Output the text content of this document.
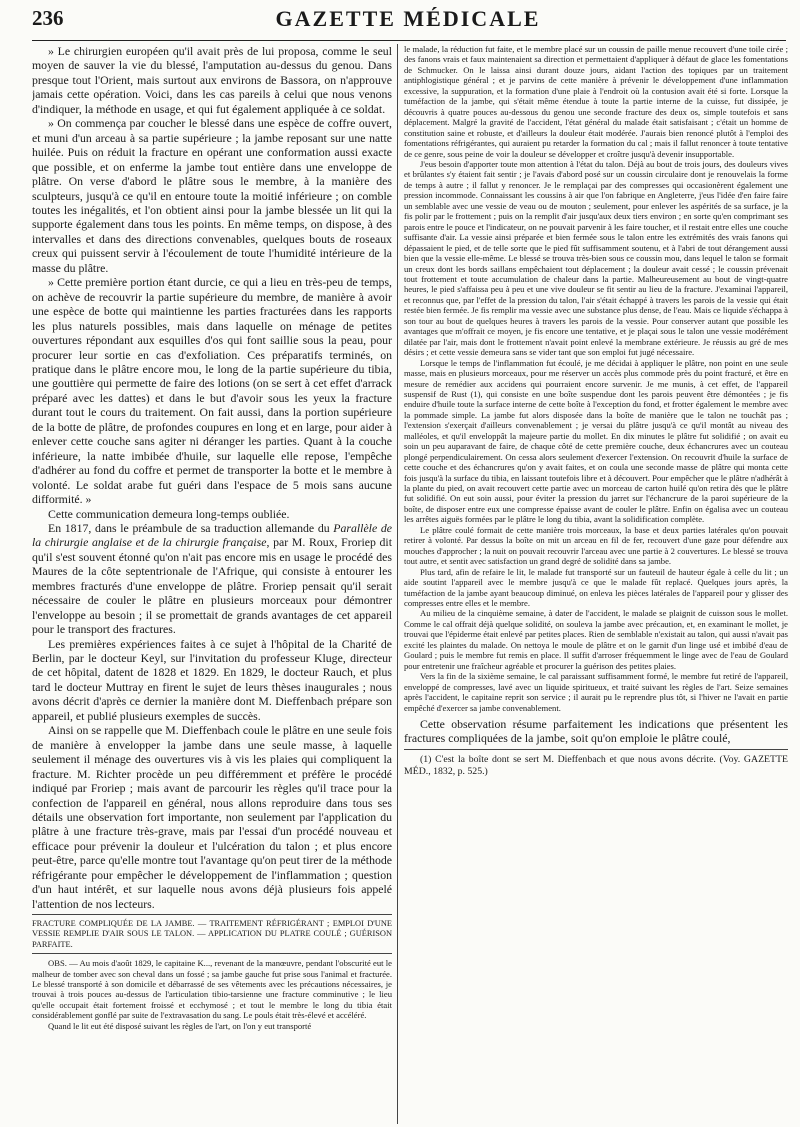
236	GAZETTE MÉDICALE

» Le chirurgien européen qu'il avait près de lui proposa, comme le seul moyen de sauver la vie du blessé, l'amputation au-dessus du genou. Dans presque tout l'Orient, mais surtout aux environs de Bassora, on n'approuve jamais cette opération. Voici, dans les cas pareils à celui que nous venons d'indiquer, la méthode en usage, et qui fut également appliquée à ce soldat.

» On commença par coucher le blessé dans une espèce de coffre ouvert, et muni d'un arceau à sa partie supérieure ; la jambe reposant sur une natte huilée. Puis on réduit la fracture en opérant une conformation aussi exacte que possible, et on enferme la jambe tout entière dans une enveloppe de plâtre. On verse d'abord le plâtre sous le membre, à la manière des sculpteurs, jusqu'à ce qu'il en entoure toute la moitié inférieure ; on comble toutes les inégalités, et l'on obtient ainsi pour la jambe blessée un lit qui la supporte également dans tous les points. En même temps, on dispose, à des intervalles et dans des directions convenables, quelques bouts de roseaux creux qui puissent servir à l'écoulement de toute l'humidité intérieure de la masse du plâtre.

» Cette première portion étant durcie, ce qui a lieu en très-peu de temps, on achève de recouvrir la partie supérieure du membre, de manière à avoir une espèce de botte qui maintienne les parties fracturées dans les rapports les plus naturels possibles, mais dans laquelle on ménage de petites ouvertures répondant aux esquilles d'os qui font saillie sous la peau, pour procurer leur sortie en cas d'exfoliation. Ces préparatifs terminés, on pratique dans le plâtre encore mou, le long de la partie supérieure du tibia, une gouttière qui permette de faire des lotions (on se sert à cet effet d'arrack préparé avec les dattes) et dans le but d'avoir sous les yeux la fracture durant tout le cours du traitement. On fait aussi, dans la portion supérieure de la botte de plâtre, de profondes coupures en long et en large, pour aider à enlever cette couche sans agiter ni déranger les parties. Quant à la couche inférieure, la natte imbibée d'huile, sur laquelle elle repose, l'empêche d'adhérer au fond du coffre et permet de transporter la botte et le membre à volonté. Le soldat arabe fut guéri dans l'espace de 5 mois sans aucune difformité. »

Cette communication demeura long-temps oubliée.

En 1817, dans le préambule de sa traduction allemande du Parallèle de la chirurgie anglaise et de la chirurgie française, par M. Roux, Froriep dit qu'il s'est souvent étonné qu'on n'ait pas encore mis en usage le procédé des Maures de la côte septentrionale de l'Afrique, qui consiste à entourer les membres fracturés d'une enveloppe de plâtre. Froriep pensait qu'il serait nécessaire de couler le plâtre en plusieurs morceaux pour démontrer l'enveloppe au besoin ; il se promettait de grands avantages de cet appareil pour le transport des fractures.

Les premières expériences faites à ce sujet à l'hôpital de la Charité de Berlin, par le docteur Keyl, sur l'invitation du professeur Kluge, directeur de cet hôpital, datent de 1828 et 1829. En 1829, le docteur Rauch, et plus tard le docteur Muttray en firent le sujet de leurs thèses inaugurales ; nous avons décrit d'après ce dernier la manière dont M. Dieffenbach prépare son appareil, et publié plusieurs exemples de succès.

Ainsi on se rappelle que M. Dieffenbach coule le plâtre en une seule fois de manière à envelopper la jambe dans une seule masse, à laquelle seulement il ménage des ouvertures vis à vis les plaies qui compliquent la fracture. M. Richter procède un peu différemment et préfère le procédé indiqué par Froriep ; mais avant de parcourir les règles qu'il trace pour la confection de l'appareil en général, nous allons reproduire dans tous ses détails une observation fort importante, non seulement par l'application du plâtre à une fracture très-grave, mais par l'essai d'un procédé nouveau et efficace pour prévenir la douleur et l'ulcération du talon ; et plus encore peut-être, parce qu'elle montre tout l'avantage qu'on peut tirer de la méthode réfrigérante pour empêcher le développement de l'inflammation ; question d'un haut intérêt, et sur laquelle nous avons déjà plusieurs fois appelé l'attention de nos lecteurs.

FRACTURE COMPLIQUÉE DE LA JAMBE. — TRAITEMENT RÉFRIGÉRANT ; EMPLOI D'UNE VESSIE REMPLIE D'AIR SOUS LE TALON. — APPLICATION DU PLATRE COULÉ ; GUÉRISON PARFAITE.

OBS. — Au mois d'août 1829, le capitaine K..., revenant de la manœuvre, pendant l'obscurité eut le malheur de tomber avec son cheval dans un fossé ; sa jambe gauche fut prise sous l'animal et fracturée. Le blessé transporté à son domicile et débarrassé de ses vêtements avec les précautions nécessaires, je trouvai à trois pouces au-dessus de l'articulation tibio-tarsienne une fracture comminutive ; le lieu qu'elle occupait était fortement froissé et ecchymosé ; et tout le membre le long du tibia était considérablement gonflé par suite de l'extravasation du sang. Le pouls était très-élevé et accéléré.

Quand le lit eut été disposé suivant les règles de l'art, on l'on y eut transporté

le malade, la réduction fut faite, et le membre placé sur un coussin de paille menue recouvert d'une toile cirée ; des fanons vrais et faux maintenaient sa direction et permettaient d'appliquer à défaut de glace les fomentations de Schmucker. On le laissa ainsi durant douze jours, aidant l'action des topiques par un traitement antiphlogistique général ; et je parvins de cette manière à prévenir le développement d'une inflammation excessive, la suppuration, et la formation d'une plaie à l'endroit où la contusion avait été si forte. Lorsque la tuméfaction de la jambe, qui s'était même étendue à toute la partie interne de la cuisse, fut dissipée, je découvris à quatre pouces au-dessous du genou une seconde fracture des deux os, simple toutefois et sans déplacement. Malgré la gravité de l'accident, l'état général du malade était satisfaisant ; c'était un homme de constitution saine et robuste, et d'ailleurs la douleur était modérée. J'aurais bien renoncé plutôt à l'emploi des fomentations réfrigérantes, qui auraient pu retarder la formation du cal ; mais il fallut renoncer à toute tentative de ce genre, sous peine de voir la douleur se développer et croître jusqu'à devenir insupportable.

J'eus besoin d'apporter toute mon attention à l'état du talon. Déjà au bout de trois jours, des douleurs vives et brûlantes s'y étaient fait sentir ; je l'avais d'abord posé sur un coussin circulaire dont je renouvelais la forme de temps à autre ; il fallut y renoncer. Je le remplaçai par des compresses qui occasionèrent également une pression incommode. Connaissant les coussins à air que l'on fabrique en Angleterre, j'eus l'idée d'en faire faire un semblable avec une vessie de veau ou de mouton ; seulement, pour enlever les aspérités de sa surface, je la fis polir par le frottement ; puis on la remplit d'air jusqu'aux deux tiers environ ; en sorte qu'en comprimant ses parois entre le pouce et l'indicateur, on ne pouvait parvenir à les faire toucher, et il restait entre elles une couche suffisante d'air. La vessie ainsi préparée et bien fermée sous le talon entre les extrémités des vrais fanons qui dépassaient le pied, et de telle sorte que le pied fût suffisamment soutenu, et à l'abri de tout dérangement aussi bien que la vessie elle-même. Le blessé se trouva très-bien sous ce coussin mou, dans lequel le talon se formait un creux dont les bords saillans empêchaient tout déplacement ; la douleur avait cessé ; le coussin prévenait tout frottement et toute accumulation de chaleur dans la partie. Malheureusement au bout de vingt-quatre heures, le pied s'affaissa peu à peu et une vive douleur se fit sentir au lieu de la fracture. J'examinai l'appareil, et reconnus que, par l'effet de la pression du talon, l'air s'était échappé à travers les parois de la vessie qui était restée bien fermée. Je fis remplir ma vessie avec une substance plus dense, de l'eau. Mais ce liquide s'échappa à son tour au bout de quelques heures à travers les parois de la vessie. Pour conserver autant que possible les avantages que m'offrait ce moyen, je fis encore une tentative, et je plaçai sous le talon une vessie modérément dilatée par l'air, mais dont le frottement n'avait point enlevé la membrane extérieure. Je réussis au gré de mes désirs ; et cette vessie demeura sans se vider tant que son emploi fut jugé nécessaire.

Lorsque le temps de l'inflammation fut écoulé, je me décidai à appliquer le plâtre, non point en une seule masse, mais en plusieurs morceaux, pour me réserver un accès plus commode près du point fracturé, et être en mesure de remédier aux accidens qui pourraient encore survenir. Je me munis, à cet effet, de l'appareil suspensif de Rust (1), qui consiste en une boîte suspendue dont les parois peuvent être démontées ; je fis enduire d'huile toute la surface interne de cette boîte à l'exception du fond, et frotter également le membre avec la pommade simple. La jambe fut alors disposée dans la boîte de manière que le talon ne touchât pas ; l'extension s'exerçait d'ailleurs convenablement ; je versai du plâtre jusqu'à ce qu'il montât au niveau des malléoles, et qu'il enveloppât la majeure partie du mollet. En dix minutes le plâtre fut solidifié ; on avait eu soin un peu auparavant de faire, de chaque côté de cette première couche, deux échancrures avec un couteau plongé perpendiculairement. On cessa alors seulement d'exercer l'extension. On recouvrit d'huile la surface de cette couche et des échancrures qu'on y avait faites, et on coula une seconde masse de plâtre qui monta cette fois jusqu'à la surface du tibia, en laissant toutefois libre et à découvert. Pour empêcher que le plâtre n'adhérât à la plante du pied, on avait recouvert cette partie avec un morceau de carton huilé qu'on retira dès que le plâtre fut solidifié. On eut soin aussi, pour éviter la pression du jarret sur l'échancrure de la paroi supérieure de la boîte, de disposer entre eux une compresse épaisse avant de couler le plâtre. Enfin on égalisa avec un couteau les arrêtes aiguës formées par le plâtre le long du tibia, avant la solidification complète.

Le plâtre coulé formait de cette manière trois morceaux, la base et deux parties latérales qu'on pouvait retirer à volonté. Par dessus la boîte on mit un arceau en fil de fer, recouvert d'une gaze pour défendre aux mouches d'approcher ; la nuit on pouvait recouvrir l'arceau avec une partie à 2 couvertures. Le blessé se trouva tout autre, et sentit avec satisfaction un grand degré de solidité dans sa jambe.

Plus tard, afin de refaire le lit, le malade fut transporté sur un fauteuil de hauteur égale à celle du lit ; un aide soutint l'appareil avec le membre jusqu'à ce que le malade fût replacé. Quelques jours après, la tuméfaction de la jambe ayant beaucoup diminué, on enleva les pièces latérales de l'appareil pour y glisser des compresses entre elles et le membre.

Au milieu de la cinquième semaine, à dater de l'accident, le malade se plaignit de cuisson sous le mollet. Comme le cal offrait déjà quelque solidité, on souleva la jambe avec précaution, et, en examinant le mollet, je trouvai que l'épiderme était enlevé par petites places. Rien de semblable n'existait au talon, qui aussi n'avait pas excité les plaintes du malade. On nettoya le moule de plâtre et on le garnit d'un linge usé et imbibé d'eau de Goulard ; puis le membre fut remis en place. Il suffit d'arroser fréquemment le linge avec de l'eau de Goulard pour entretenir une fraîcheur agréable et procurer la guérison des petites plaies.

Vers la fin de la sixième semaine, le cal paraissant suffisamment formé, le membre fut retiré de l'appareil, enveloppé de compresses, lavé avec un liquide spiritueux, et traité suivant les règles de l'art. Seize semaines après l'accident, le capitaine reprit son service ; il aurait pu le reprendre plus tôt, si l'hiver ne l'avait en partie empêché d'exercer sa jambe convenablement.

Cette observation résume parfaitement les indications que présentent les fractures compliquées de la jambe, soit qu'on emploie le plâtre coulé,

(1) C'est la boîte dont se sert M. Dieffenbach et que nous avons décrite. (Voy. GAZETTE MÉD., 1832, p. 525.)
